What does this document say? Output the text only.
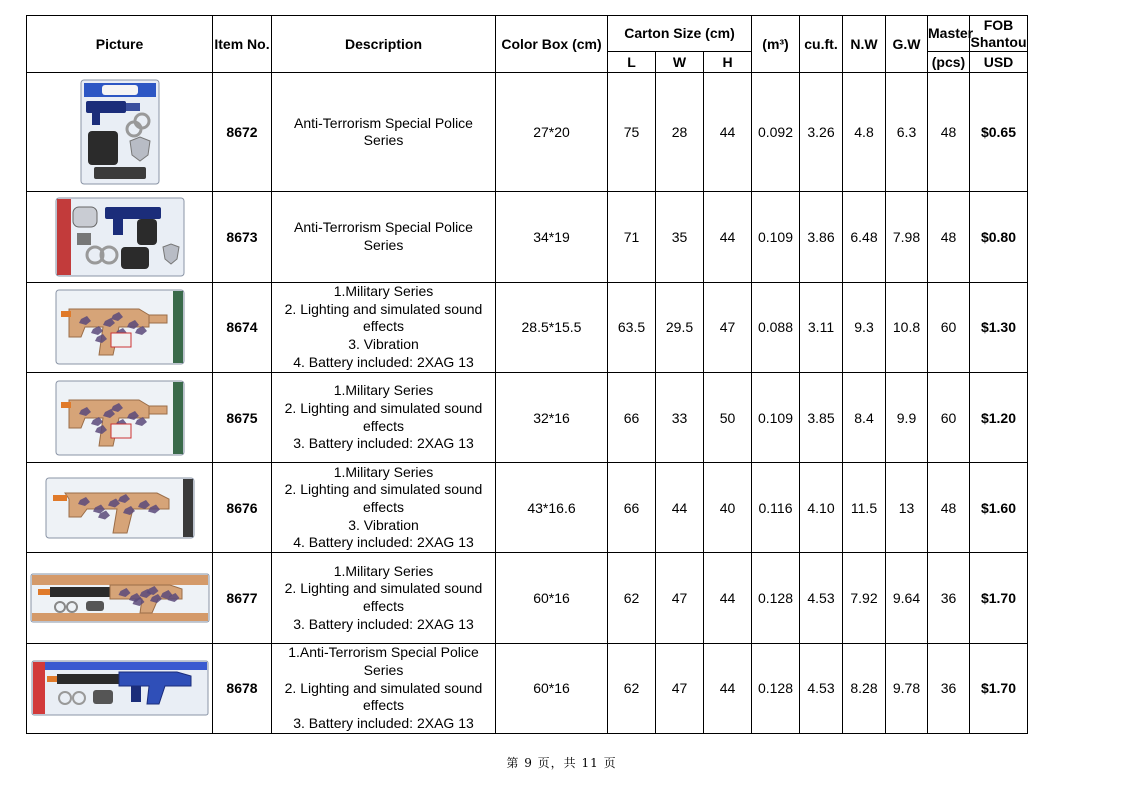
Picture	Item No.	Description	Color Box (cm)	Carton Size (cm)			(m³)	cu.ft.	N.W	G.W	Master	FOB Shantou
				L	W	H					(pcs)	USD

	8672	Anti-Terrorism Special Police
Series	27*20	75	28	44	0.092	3.26	4.8	6.3	48	$0.65

	8673	Anti-Terrorism Special Police
Series	34*19	71	35	44	0.109	3.86	6.48	7.98	48	$0.80

	8674	1.Military Series
2. Lighting and simulated sound
effects
3. Vibration
4. Battery included: 2XAG 13	28.5*15.5	63.5	29.5	47	0.088	3.11	9.3	10.8	60	$1.30

	8675	1.Military Series
2. Lighting and simulated sound
effects
3. Battery included: 2XAG 13	32*16	66	33	50	0.109	3.85	8.4	9.9	60	$1.20

	8676	1.Military Series
2. Lighting and simulated sound
effects
3. Vibration
4. Battery included: 2XAG 13	43*16.6	66	44	40	0.116	4.10	11.5	13	48	$1.60

	8677	1.Military Series
2. Lighting and simulated sound
effects
3. Battery included: 2XAG 13	60*16	62	47	44	0.128	4.53	7.92	9.64	36	$1.70

	8678	1.Anti-Terrorism Special Police
Series
2. Lighting and simulated sound
effects
3. Battery included: 2XAG 13	60*16	62	47	44	0.128	4.53	8.28	9.78	36	$1.70
第 9 页，共 11 页
